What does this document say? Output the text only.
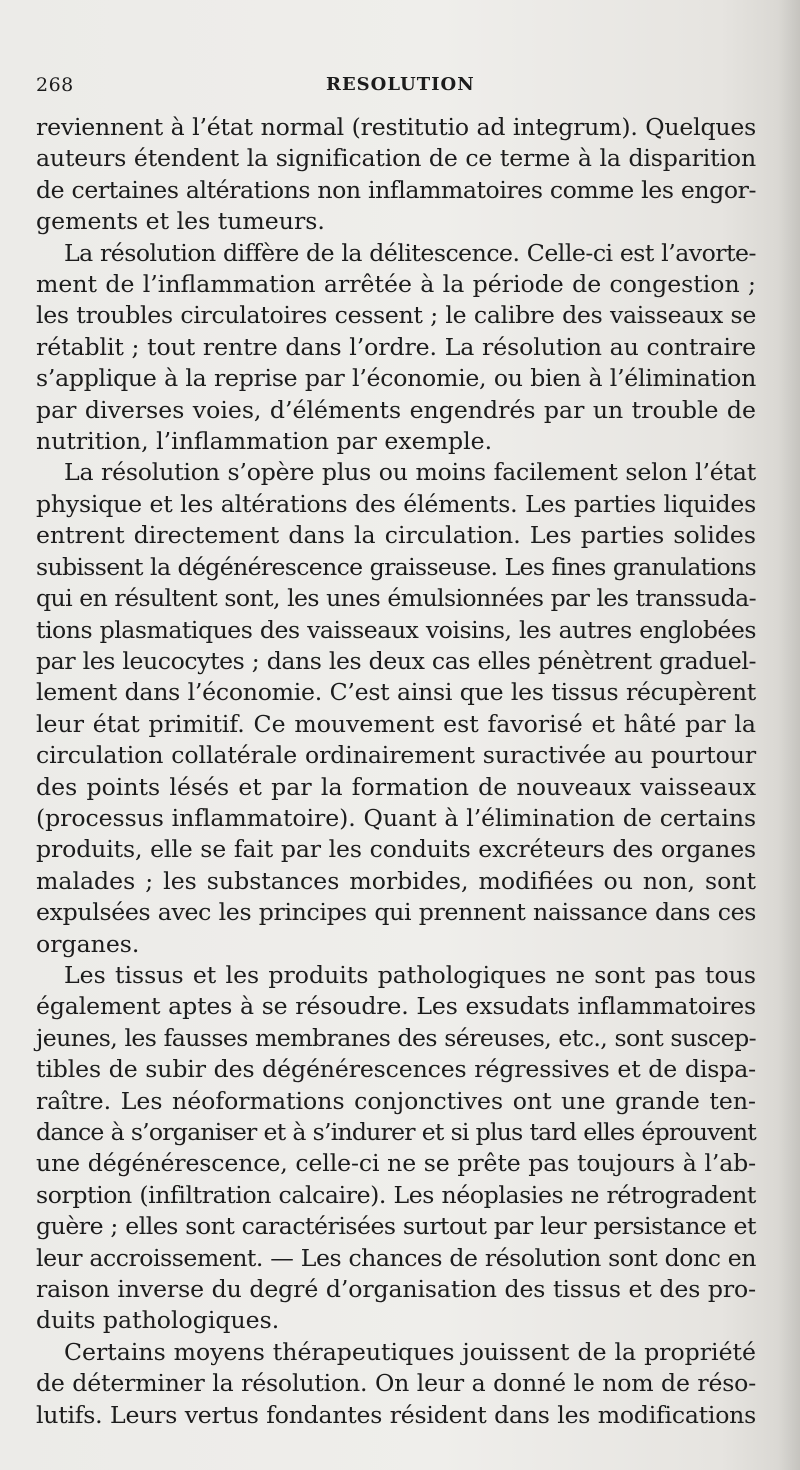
268	RESOLUTION
reviennent à l’état normal (restitutio ad integrum). Quelques
auteurs étendent la signification de ce terme à la disparition
de certaines altérations non inflammatoires comme les engor-
gements et les tumeurs.
La résolution diffère de la délitescence. Celle-ci est l’avorte-
ment de l’inflammation arrêtée à la période de congestion ;
les troubles circulatoires cessent ; le calibre des vaisseaux se
rétablit ; tout rentre dans l’ordre. La résolution au contraire
s’applique à la reprise par l’économie, ou bien à l’élimination
par diverses voies, d’éléments engendrés par un trouble de
nutrition, l’inflammation par exemple.
La résolution s’opère plus ou moins facilement selon l’état
physique et les altérations des éléments. Les parties liquides
entrent directement dans la circulation. Les parties solides
subissent la dégénérescence graisseuse. Les fines granulations
qui en résultent sont, les unes émulsionnées par les transsuda-
tions plasmatiques des vaisseaux voisins, les autres englobées
par les leucocytes ; dans les deux cas elles pénètrent graduel-
lement dans l’économie. C’est ainsi que les tissus récupèrent
leur état primitif. Ce mouvement est favorisé et hâté par la
circulation collatérale ordinairement suractivée au pourtour
des points lésés et par la formation de nouveaux vaisseaux
(processus inflammatoire). Quant à l’élimination de certains
produits, elle se fait par les conduits excréteurs des organes
malades ; les substances morbides, modifiées ou non, sont
expulsées avec les principes qui prennent naissance dans ces
organes.
Les tissus et les produits pathologiques ne sont pas tous
également aptes à se résoudre. Les exsudats inflammatoires
jeunes, les fausses membranes des séreuses, etc., sont suscep-
tibles de subir des dégénérescences régressives et de dispa-
raître. Les néoformations conjonctives ont une grande ten-
dance à s’organiser et à s’indurer et si plus tard elles éprouvent
une dégénérescence, celle-ci ne se prête pas toujours à l’ab-
sorption (infiltration calcaire). Les néoplasies ne rétrogradent
guère ; elles sont caractérisées surtout par leur persistance et
leur accroissement. — Les chances de résolution sont donc en
raison inverse du degré d’organisation des tissus et des pro-
duits pathologiques.
Certains moyens thérapeutiques jouissent de la propriété
de déterminer la résolution. On leur a donné le nom de réso-
lutifs. Leurs vertus fondantes résident dans les modifications
